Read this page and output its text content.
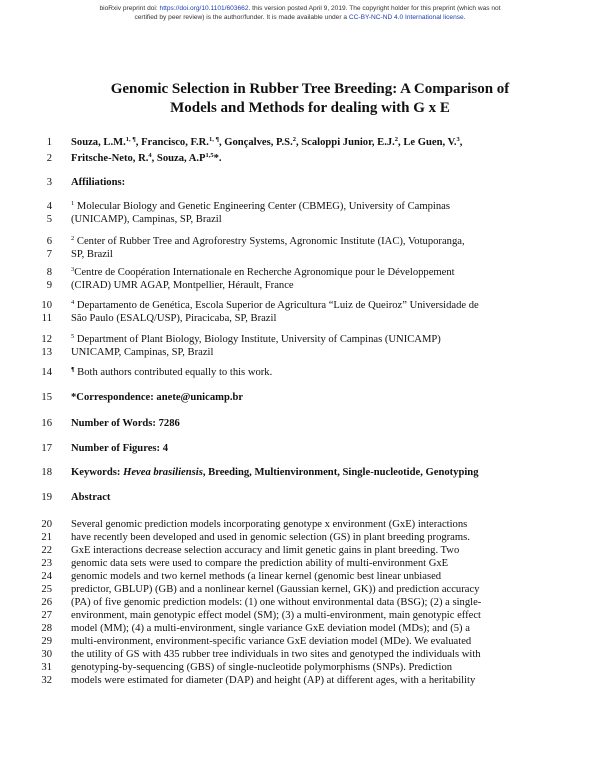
bioRxiv preprint doi: https://doi.org/10.1101/603662. this version posted April 9, 2019. The copyright holder for this preprint (which was not
certified by peer review) is the author/funder. It is made available under a CC-BY-NC-ND 4.0 International license.
Genomic Selection in Rubber Tree Breeding: A Comparison of
Models and Methods for dealing with G x E
1 Souza, L.M.$^{1, \P}$, Francisco, F.R.$^{1, \P}$, Gonçalves, P.S.$^2$, Scaloppi Junior, E.J.$^2$, Le Guen, V.$^3$,
2 Fritsche-Neto, R.$^4$, Souza, $A.P^{1,5}*$.
3 Affiliations:
4	$^1$ Molecular Biology and Genetic Engineering Center (CBMEG), University of Campinas
5 (UNICAMP), Campinas, SP, Brazil
6	$^2$ Center of Rubber Tree and Agroforestry Systems, Agronomic Institute (IAC), Votuporanga,
7 SP, Brazil
8	$^3$Centre de Coopération Internationale en Recherche Agronomique pour le Développement
9 (CIRAD) UMR AGAP, Montpellier, Hérault, France
10	$^4$ Departamento de Genética, Escola Superior de Agricultura “Luiz de Queiroz” Universidade de
11 São Paulo (ESALQ/USP), Piracicaba, SP, Brazil
12	$^5$ Department of Plant Biology, Biology Institute, University of Campinas (UNICAMP)
13 UNICAMP, Campinas, SP, Brazil
14	¶ Both authors contributed equally to this work.
15 *Correspondence: anete@unicamp.br
16 Number of Words: 7286
17 Number of Figures: 4
18 Keywords: Hevea brasiliensis, Breeding, Multienvironment, Single-nucleotide, Genotyping
19 Abstract
20 Several genomic prediction models incorporating genotype x environment (GxE) interactions
21 have recently been developed and used in genomic selection (GS) in plant breeding programs.
22 GxE interactions decrease selection accuracy and limit genetic gains in plant breeding. Two
23 genomic data sets were used to compare the prediction ability of multi-environment GxE
24 genomic models and two kernel methods (a linear kernel (genomic best linear unbiased
25 predictor, GBLUP) (GB) and a nonlinear kernel (Gaussian kernel, GK)) and prediction accuracy
26 (PA) of five genomic prediction models: (1) one without environmental data (BSG); (2) a single-
27 environment, main genotypic effect model (SM); (3) a multi-environment, main genotypic effect
28 model (MM); (4) a multi-environment, single variance GxE deviation model (MDs); and (5) a
29 multi-environment, environment-specific variance GxE deviation model (MDe). We evaluated
30 the utility of GS with 435 rubber tree individuals in two sites and genotyped the individuals with
31 genotyping-by-sequencing (GBS) of single-nucleotide polymorphisms (SNPs). Prediction
32 models were estimated for diameter (DAP) and height (AP) at different ages, with a heritability
